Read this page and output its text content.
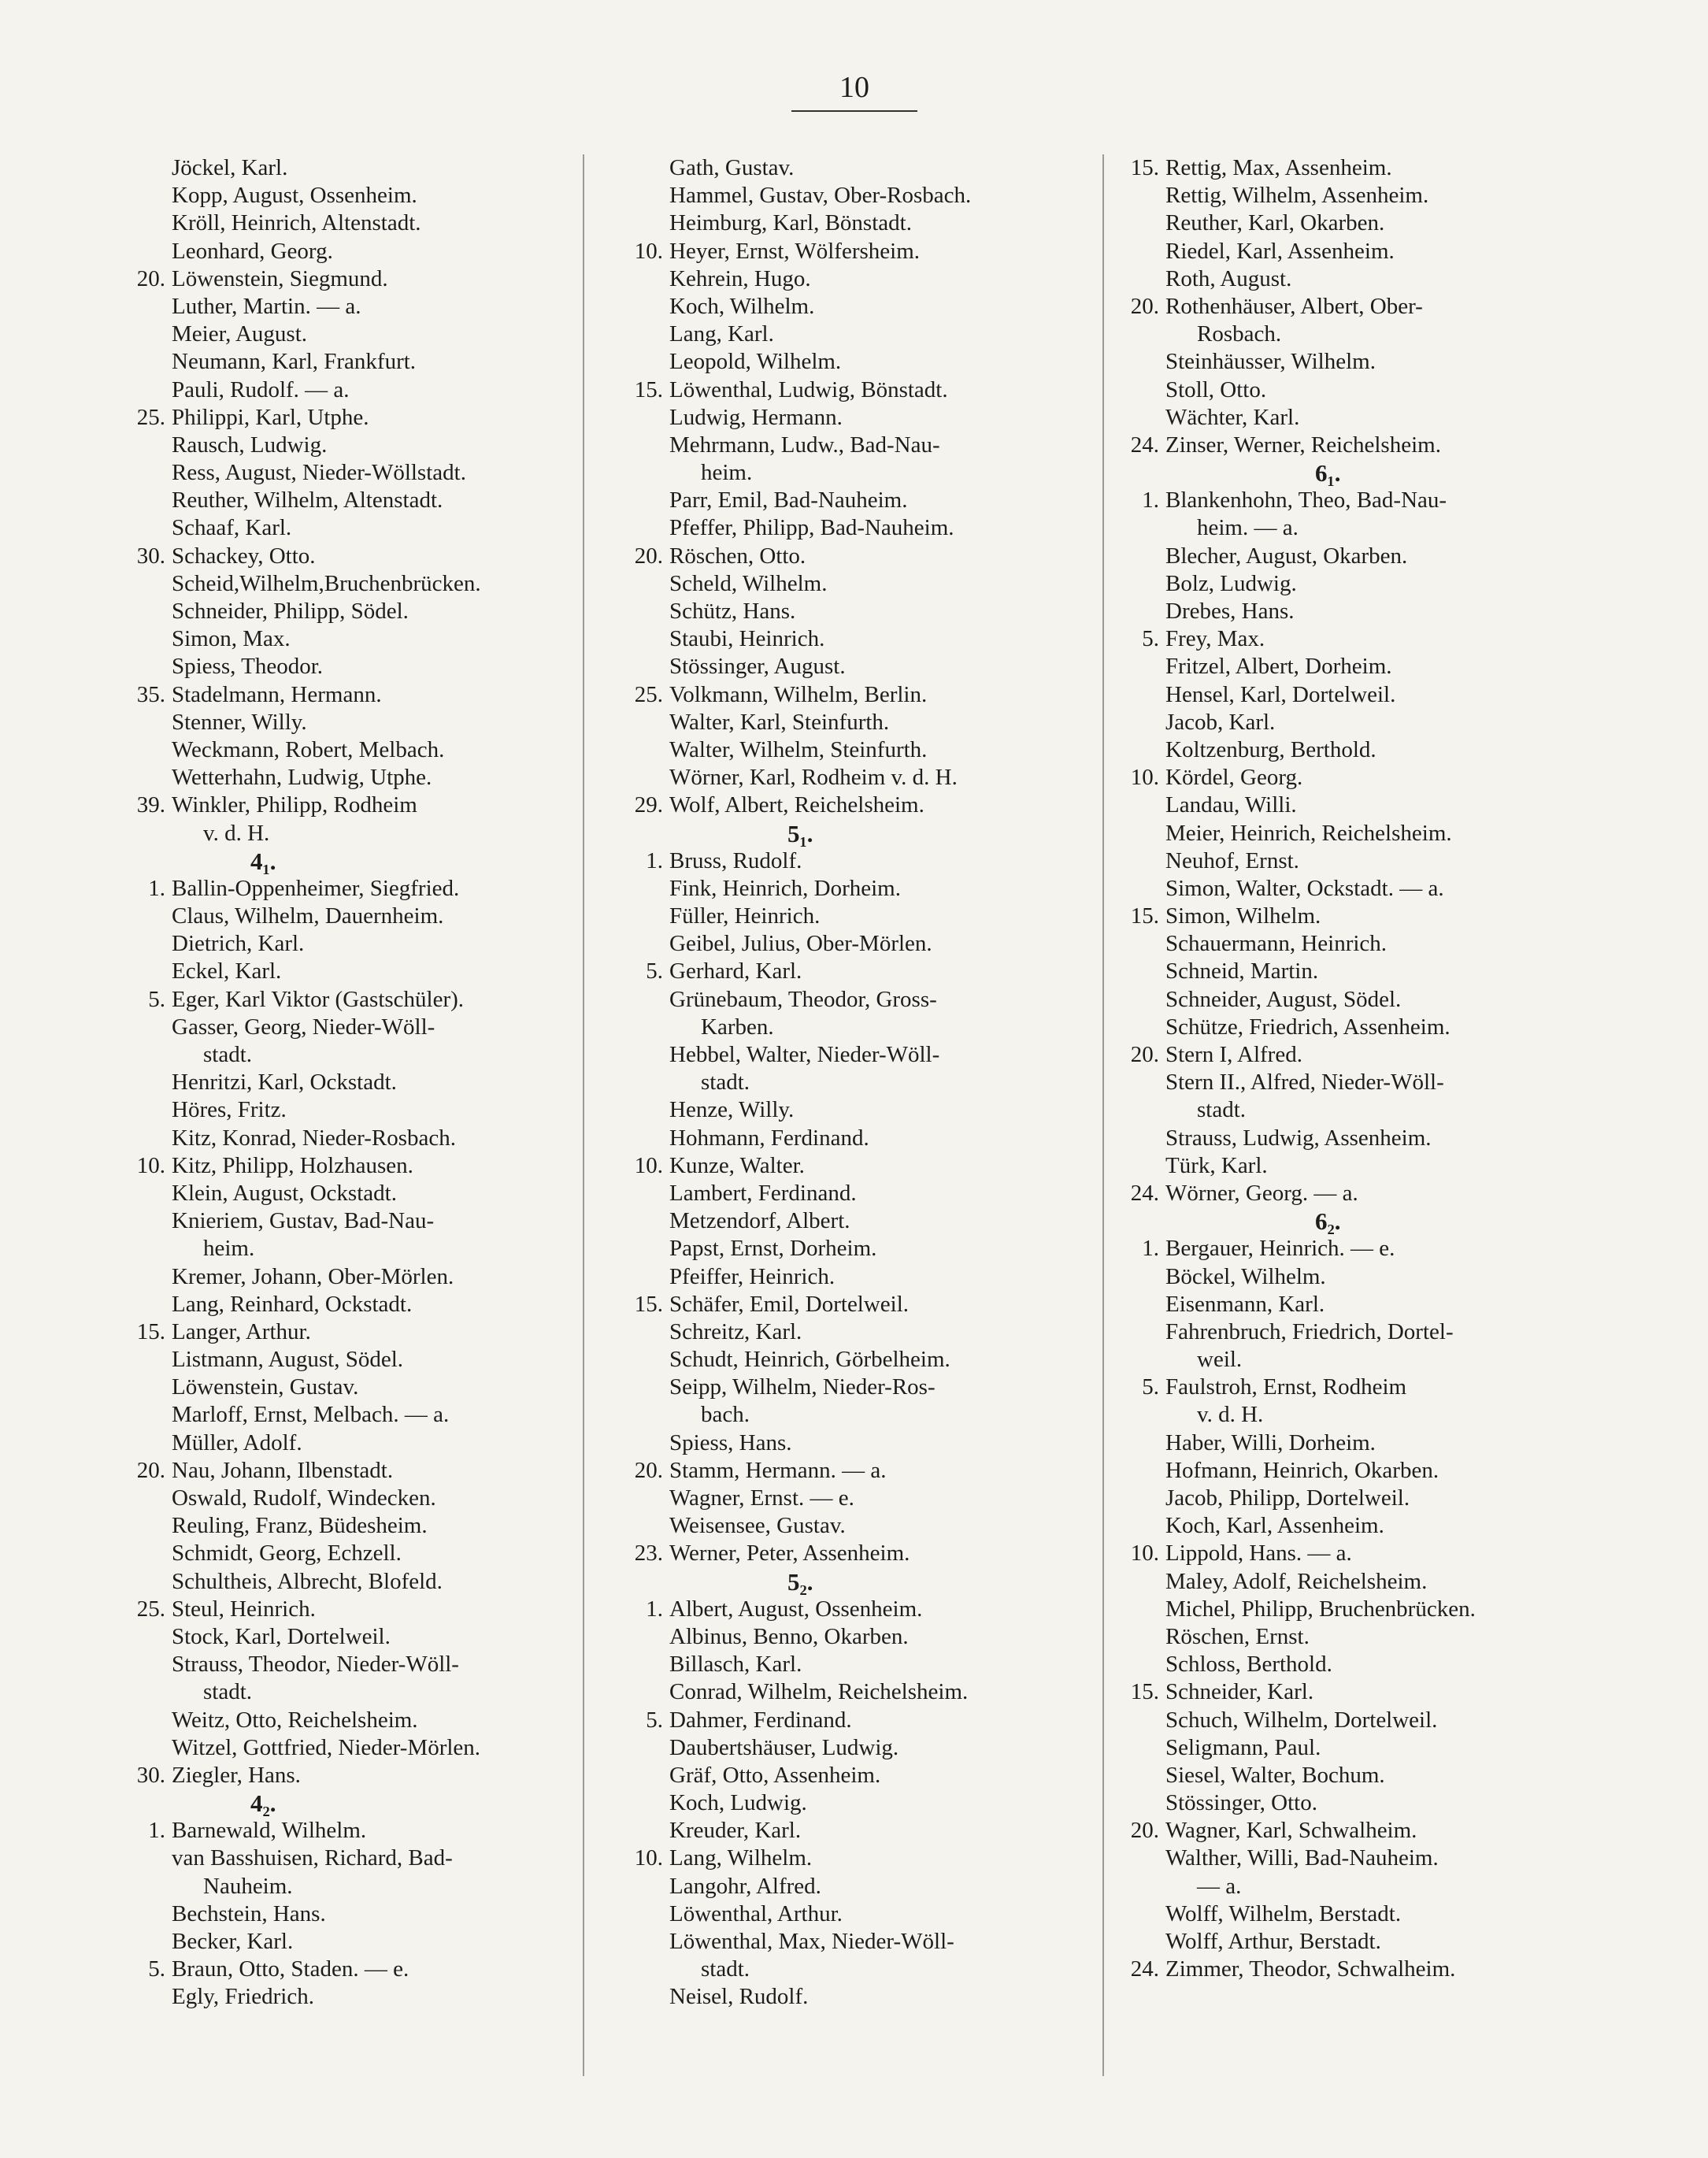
10
Jöckel, Karl.
Kopp, August, Ossenheim.
Kröll, Heinrich, Altenstadt.
Leonhard, Georg.
20. Löwenstein, Siegmund.
Luther, Martin. — a.
Meier, August.
Neumann, Karl, Frankfurt.
Pauli, Rudolf. — a.
25. Philippi, Karl, Utphe.
Rausch, Ludwig.
Ress, August, Nieder-Wöllstadt.
Reuther, Wilhelm, Altenstadt.
Schaaf, Karl.
30. Schackey, Otto.
Scheid,Wilhelm,Bruchenbrücken.
Schneider, Philipp, Södel.
Simon, Max.
Spiess, Theodor.
35. Stadelmann, Hermann.
Stenner, Willy.
Weckmann, Robert, Melbach.
Wetterhahn, Ludwig, Utphe.
39. Winkler, Philipp, Rodheim
v. d. H.
4₁.
1. Ballin-Oppenheimer, Siegfried.
Claus, Wilhelm, Dauernheim.
Dietrich, Karl.
Eckel, Karl.
5. Eger, Karl Viktor (Gastschüler).
Gasser, Georg, Nieder-Wöll-
stadt.
Henritzi, Karl, Ockstadt.
Höres, Fritz.
Kitz, Konrad, Nieder-Rosbach.
10. Kitz, Philipp, Holzhausen.
Klein, August, Ockstadt.
Knieriem, Gustav, Bad-Nau-
heim.
Kremer, Johann, Ober-Mörlen.
Lang, Reinhard, Ockstadt.
15. Langer, Arthur.
Listmann, August, Södel.
Löwenstein, Gustav.
Marloff, Ernst, Melbach. — a.
Müller, Adolf.
20. Nau, Johann, Ilbenstadt.
Oswald, Rudolf, Windecken.
Reuling, Franz, Büdesheim.
Schmidt, Georg, Echzell.
Schultheis, Albrecht, Blofeld.
25. Steul, Heinrich.
Stock, Karl, Dortelweil.
Strauss, Theodor, Nieder-Wöll-
stadt.
Weitz, Otto, Reichelsheim.
Witzel, Gottfried, Nieder-Mörlen.
30. Ziegler, Hans.
4₂.
1. Barnewald, Wilhelm.
van Basshuisen, Richard, Bad-
Nauheim.
Bechstein, Hans.
Becker, Karl.
5. Braun, Otto, Staden. — e.
Egly, Friedrich.
Gath, Gustav.
Hammel, Gustav, Ober-Rosbach.
Heimburg, Karl, Bönstadt.
10. Heyer, Ernst, Wölfersheim.
Kehrein, Hugo.
Koch, Wilhelm.
Lang, Karl.
Leopold, Wilhelm.
15. Löwenthal, Ludwig, Bönstadt.
Ludwig, Hermann.
Mehrmann, Ludw., Bad-Nau-
heim.
Parr, Emil, Bad-Nauheim.
Pfeffer, Philipp, Bad-Nauheim.
20. Röschen, Otto.
Scheld, Wilhelm.
Schütz, Hans.
Staubi, Heinrich.
Stössinger, August.
25. Volkmann, Wilhelm, Berlin.
Walter, Karl, Steinfurth.
Walter, Wilhelm, Steinfurth.
Wörner, Karl, Rodheim v. d. H.
29. Wolf, Albert, Reichelsheim.
5₁.
1. Bruss, Rudolf.
Fink, Heinrich, Dorheim.
Füller, Heinrich.
Geibel, Julius, Ober-Mörlen.
5. Gerhard, Karl.
Grünebaum, Theodor, Gross-
Karben.
Hebbel, Walter, Nieder-Wöll-
stadt.
Henze, Willy.
Hohmann, Ferdinand.
10. Kunze, Walter.
Lambert, Ferdinand.
Metzendorf, Albert.
Papst, Ernst, Dorheim.
Pfeiffer, Heinrich.
15. Schäfer, Emil, Dortelweil.
Schreitz, Karl.
Schudt, Heinrich, Görbelheim.
Seipp, Wilhelm, Nieder-Ros-
bach.
Spiess, Hans.
20. Stamm, Hermann. — a.
Wagner, Ernst. — e.
Weisensee, Gustav.
23. Werner, Peter, Assenheim.
5₂.
1. Albert, August, Ossenheim.
Albinus, Benno, Okarben.
Billasch, Karl.
Conrad, Wilhelm, Reichelsheim.
5. Dahmer, Ferdinand.
Daubertshäuser, Ludwig.
Gräf, Otto, Assenheim.
Koch, Ludwig.
Kreuder, Karl.
10. Lang, Wilhelm.
Langohr, Alfred.
Löwenthal, Arthur.
Löwenthal, Max, Nieder-Wöll-
stadt.
Neisel, Rudolf.
15. Rettig, Max, Assenheim.
Rettig, Wilhelm, Assenheim.
Reuther, Karl, Okarben.
Riedel, Karl, Assenheim.
Roth, August.
20. Rothenhäuser, Albert, Ober-
Rosbach.
Steinhäusser, Wilhelm.
Stoll, Otto.
Wächter, Karl.
24. Zinser, Werner, Reichelsheim.
6₁.
1. Blankenhohn, Theo, Bad-Nau-
heim. — a.
Blecher, August, Okarben.
Bolz, Ludwig.
Drebes, Hans.
5. Frey, Max.
Fritzel, Albert, Dorheim.
Hensel, Karl, Dortelweil.
Jacob, Karl.
Koltzenburg, Berthold.
10. Kördel, Georg.
Landau, Willi.
Meier, Heinrich, Reichelsheim.
Neuhof, Ernst.
Simon, Walter, Ockstadt. — a.
15. Simon, Wilhelm.
Schauermann, Heinrich.
Schneid, Martin.
Schneider, August, Södel.
Schütze, Friedrich, Assenheim.
20. Stern I, Alfred.
Stern II., Alfred, Nieder-Wöll-
stadt.
Strauss, Ludwig, Assenheim.
Türk, Karl.
24. Wörner, Georg. — a.
6₂.
1. Bergauer, Heinrich. — e.
Böckel, Wilhelm.
Eisenmann, Karl.
Fahrenbruch, Friedrich, Dortel-
weil.
5. Faulstroh, Ernst, Rodheim
v. d. H.
Haber, Willi, Dorheim.
Hofmann, Heinrich, Okarben.
Jacob, Philipp, Dortelweil.
Koch, Karl, Assenheim.
10. Lippold, Hans. — a.
Maley, Adolf, Reichelsheim.
Michel, Philipp, Bruchenbrücken.
Röschen, Ernst.
Schloss, Berthold.
15. Schneider, Karl.
Schuch, Wilhelm, Dortelweil.
Seligmann, Paul.
Siesel, Walter, Bochum.
Stössinger, Otto.
20. Wagner, Karl, Schwalheim.
Walther, Willi, Bad-Nauheim.
— a.
Wolff, Wilhelm, Berstadt.
Wolff, Arthur, Berstadt.
24. Zimmer, Theodor, Schwalheim.
